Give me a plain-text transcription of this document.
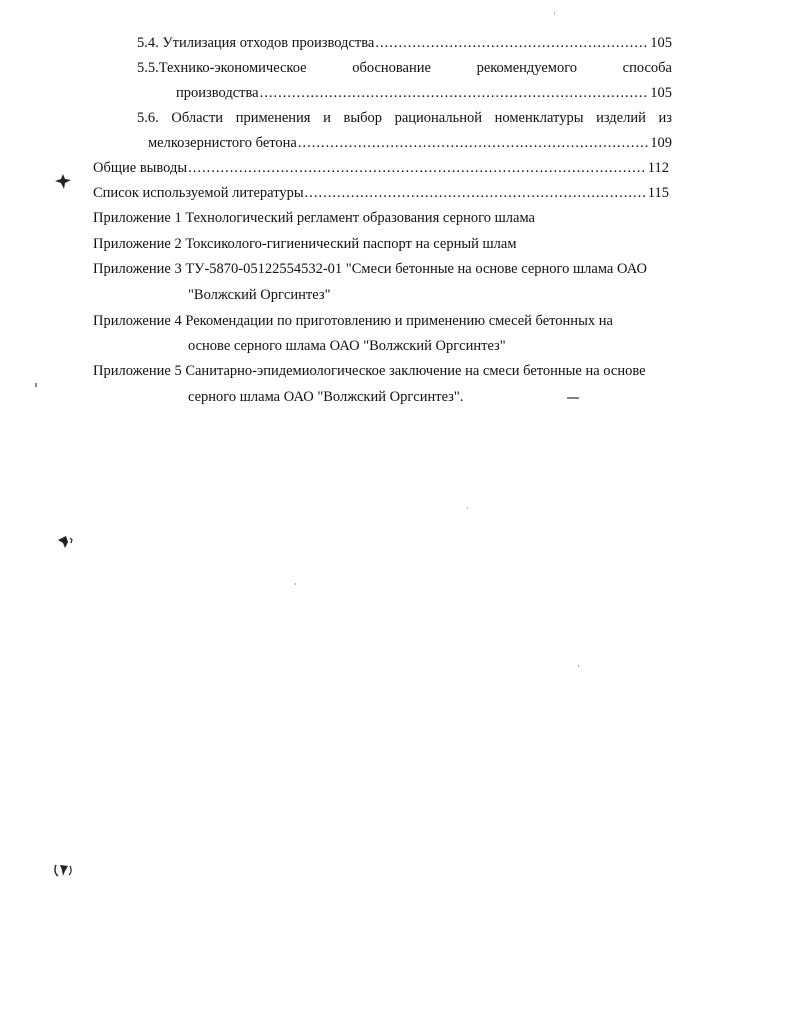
5.4. Утилизация отходов производства .....	105
5.5.Технико-экономическое	обоснование	рекомендуемого	способа
производства .....	105
5.6. Области применения и выбор рациональной номенклатуры изделий из
мелкозернистого бетона .....	109
Общие выводы .....	112
Список используемой литературы .....	115
Приложение 1 Технологический регламент образования серного шлама
Приложение 2 Токсиколого-гигиенический паспорт на серный шлам
Приложение 3 ТУ-5870-05122554532-01 "Смеси бетонные на основе серного шлама ОАО
"Волжский Оргсинтез"
Приложение 4 Рекомендации по приготовлению и применению смесей бетонных на
основе серного шлама ОАО "Волжский Оргсинтез"
Приложение 5 Санитарно-эпидемиологическое заключение на смеси бетонные на основе
серного шлама ОАО "Волжский Оргсинтез".
